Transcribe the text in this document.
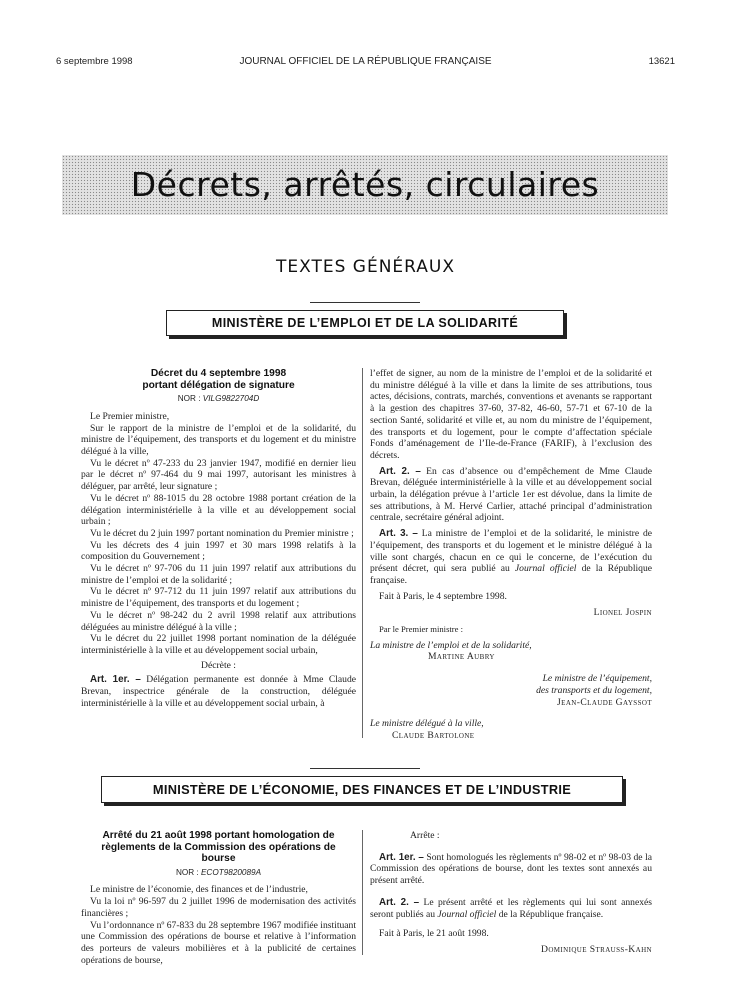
6 septembre 1998	JOURNAL OFFICIEL DE LA RÉPUBLIQUE FRANÇAISE	13621
Décrets, arrêtés, circulaires
TEXTES GÉNÉRAUX
MINISTÈRE DE L’EMPLOI ET DE LA SOLIDARITÉ
Décret du 4 septembre 1998
portant délégation de signature
NOR : VILG9822704D

Le Premier ministre,

Sur le rapport de la ministre de l’emploi et de la solidarité, du ministre de l’équipement, des transports et du logement et du ministre délégué à la ville,

Vu le décret nº 47-233 du 23 janvier 1947, modifié en dernier lieu par le décret nº 97-464 du 9 mai 1997, autorisant les ministres à déléguer, par arrêté, leur signature ;

Vu le décret nº 88-1015 du 28 octobre 1988 portant création de la délégation interministérielle à la ville et au développement social urbain ;

Vu le décret du 2 juin 1997 portant nomination du Premier ministre ;

Vu les décrets des 4 juin 1997 et 30 mars 1998 relatifs à la composition du Gouvernement ;

Vu le décret nº 97-706 du 11 juin 1997 relatif aux attributions du ministre de l’emploi et de la solidarité ;

Vu le décret nº 97-712 du 11 juin 1997 relatif aux attributions du ministre de l’équipement, des transports et du logement ;

Vu le décret nº 98-242 du 2 avril 1998 relatif aux attributions déléguées au ministre délégué à la ville ;

Vu le décret du 22 juillet 1998 portant nomination de la déléguée interministérielle à la ville et au développement social urbain,

Décrète :

Art. 1er. – Délégation permanente est donnée à Mme Claude Brevan, inspectrice générale de la construction, déléguée interministérielle à la ville et au développement social urbain, à

l’effet de signer, au nom de la ministre de l’emploi et de la solidarité et du ministre délégué à la ville et dans la limite de ses attributions, tous actes, décisions, contrats, marchés, conventions et avenants se rapportant à la gestion des chapitres 37-60, 37-82, 46-60, 57-71 et 67-10 de la section Santé, solidarité et ville et, au nom du ministre de l’équipement, des transports et du logement, pour le compte d’affectation spéciale Fonds d’aménagement de l’Ile-de-France (FARIF), à l’exclusion des décrets.

Art. 2. – En cas d’absence ou d’empêchement de Mme Claude Brevan, déléguée interministérielle à la ville et au développement social urbain, la délégation prévue à l’article 1er est dévolue, dans la limite de ses attributions, à M. Hervé Carlier, attaché principal d’administration centrale, secrétaire général adjoint.

Art. 3. – La ministre de l’emploi et de la solidarité, le ministre de l’équipement, des transports et du logement et le ministre délégué à la ville sont chargés, chacun en ce qui le concerne, de l’exécution du présent décret, qui sera publié au Journal officiel de la République française.

Fait à Paris, le 4 septembre 1998.

Lionel Jospin

Par le Premier ministre :

La ministre de l’emploi et de la solidarité,
Martine Aubry
Le ministre de l’équipement,
des transports et du logement,
Jean-Claude Gayssot
Le ministre délégué à la ville,
Claude Bartolone
MINISTÈRE DE L’ÉCONOMIE, DES FINANCES ET DE L’INDUSTRIE
Arrêté du 21 août 1998 portant homologation de
règlements de la Commission des opérations de
bourse
NOR : ECOT9820089A

Le ministre de l’économie, des finances et de l’industrie,

Vu la loi nº 96-597 du 2 juillet 1996 de modernisation des activités financières ;

Vu l’ordonnance nº 67-833 du 28 septembre 1967 modifiée instituant une Commission des opérations de bourse et relative à l’information des porteurs de valeurs mobilières et à la publicité de certaines opérations de bourse,

Arrête :

Art. 1er. – Sont homologués les règlements nº 98-02 et nº 98-03 de la Commission des opérations de bourse, dont les textes sont annexés au présent arrêté.

Art. 2. – Le présent arrêté et les règlements qui lui sont annexés seront publiés au Journal officiel de la République française.

Fait à Paris, le 21 août 1998.

Dominique Strauss-Kahn
